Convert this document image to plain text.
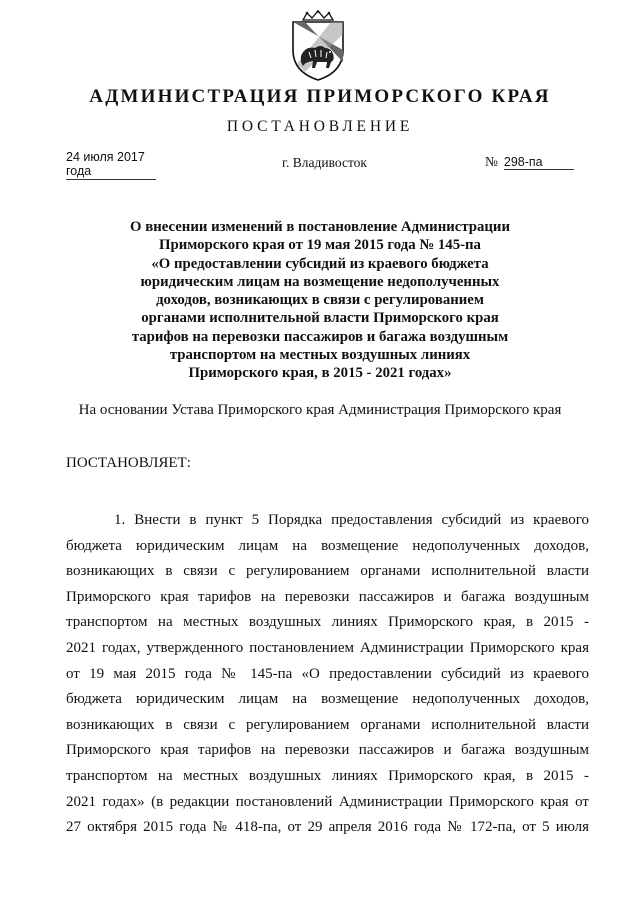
АДМИНИСТРАЦИЯ ПРИМОРСКОГО КРАЯ
ПОСТАНОВЛЕНИЕ
24 июля 2017 года
г. Владивосток	№ 298-па
О внесении изменений в постановление Администрации
Приморского края от 19 мая 2015 года № 145-па
«О предоставлении субсидий из краевого бюджета
юридическим лицам на возмещение недополученных
доходов, возникающих в связи с регулированием
органами исполнительной власти Приморского края
тарифов на перевозки пассажиров и багажа воздушным
транспортом на местных воздушных линиях
Приморского края, в 2015 - 2021 годах»
На основании Устава Приморского края Администрация Приморского края
ПОСТАНОВЛЯЕТ:
1. Внести в пункт 5 Порядка предоставления субсидий из краевого
бюджета юридическим лицам на возмещение недополученных доходов,
возникающих в связи с регулированием органами исполнительной власти
Приморского края тарифов на перевозки пассажиров и багажа воздушным
транспортом на местных воздушных линиях Приморского края, в 2015 -
2021 годах, утвержденного постановлением Администрации Приморского края
от 19 мая 2015 года № 145-па «О предоставлении субсидий из краевого
бюджета юридическим лицам на возмещение недополученных доходов,
возникающих в связи с регулированием органами исполнительной власти
Приморского края тарифов на перевозки пассажиров и багажа воздушным
транспортом на местных воздушных линиях Приморского края, в 2015 -
2021 годах» (в редакции постановлений Администрации Приморского края от
27 октября 2015 года № 418-па, от 29 апреля 2016 года № 172-па, от 5 июля
